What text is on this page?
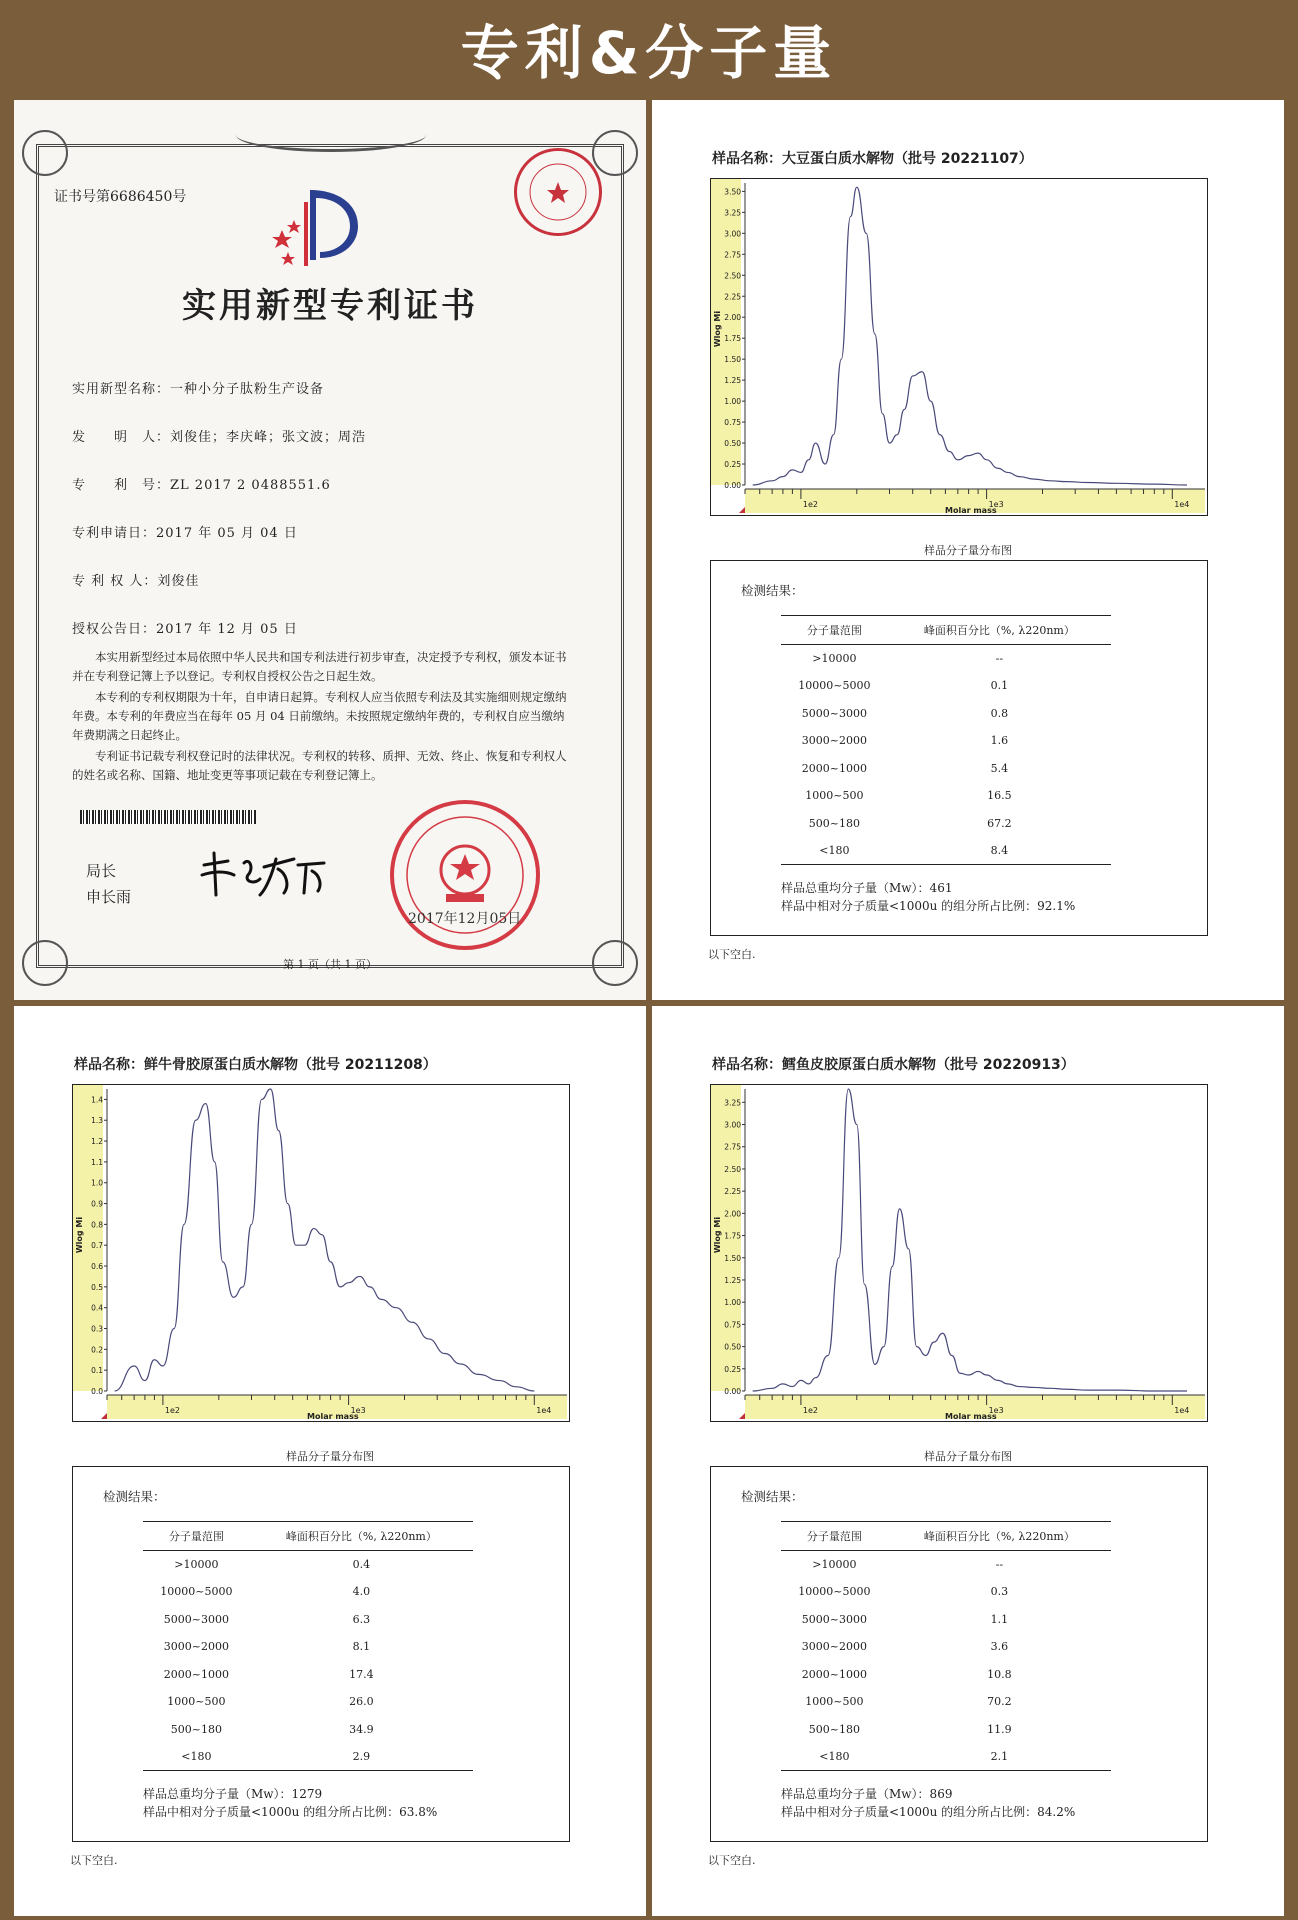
专利&分子量
证书号第6686450号
实用新型专利证书
实用新型名称：一种小分子肽粉生产设备
发　　明　人：刘俊佳；李庆峰；张文波；周浩
专　　利　号：ZL 2017 2 0488551.6
专利申请日：2017 年 05 月 04 日
专 利 权 人：刘俊佳
授权公告日：2017 年 12 月 05 日

本实用新型经过本局依照中华人民共和国专利法进行初步审查，决定授予专利权，颁发本证书并在专利登记簿上予以登记。专利权自授权公告之日起生效。

本专利的专利权期限为十年，自申请日起算。专利权人应当依照专利法及其实施细则规定缴纳年费。本专利的年费应当在每年 05 月 04 日前缴纳。未按照规定缴纳年费的，专利权自应当缴纳年费期满之日起终止。

专利证书记载专利权登记时的法律状况。专利权的转移、质押、无效、终止、恢复和专利权人的姓名或名称、国籍、地址变更等事项记载在专利登记簿上。

局长
申长雨
2017年12月05日
第 1 页（共 1 页）
样品名称：大豆蛋白质水解物（批号 20221107）
3.50
3.25
3.00
2.75
2.50
2.25
2.00
1.75
1.50
1.25
1.00
0.75
0.50
0.25
0.00
Wlog Mi
1e2	1e3	1e4
Molar mass
样品分子量分布图
检测结果：
分子量范围	峰面积百分比（%, λ220nm）
>10000	--
10000~5000	0.1
5000~3000	0.8
3000~2000	1.6
2000~1000	5.4
1000~500	16.5
500~180	67.2
<180	8.4
样品总重均分子量（Mw）：461
样品中相对分子质量<1000u 的组分所占比例：92.1%
以下空白.
样品名称：鲜牛骨胶原蛋白质水解物（批号 20211208）
1.4
1.3
1.2
1.1
1.0
0.9
0.8
0.7
0.6
0.5
0.4
0.3
0.2
0.1
0.0
Wlog Mi
1e2	1e3	1e4
Molar mass
样品分子量分布图
检测结果：
分子量范围	峰面积百分比（%, λ220nm）
>10000	0.4
10000~5000	4.0
5000~3000	6.3
3000~2000	8.1
2000~1000	17.4
1000~500	26.0
500~180	34.9
<180	2.9
样品总重均分子量（Mw）：1279
样品中相对分子质量<1000u 的组分所占比例：63.8%
以下空白.
样品名称：鳕鱼皮胶原蛋白质水解物（批号 20220913）
3.25
3.00
2.75
2.50
2.25
2.00
1.75
1.50
1.25
1.00
0.75
0.50
0.25
0.00
Wlog Mi
1e2	1e3	1e4
Molar mass
样品分子量分布图
检测结果：
分子量范围	峰面积百分比（%, λ220nm）
>10000	--
10000~5000	0.3
5000~3000	1.1
3000~2000	3.6
2000~1000	10.8
1000~500	70.2
500~180	11.9
<180	2.1
样品总重均分子量（Mw）：869
样品中相对分子质量<1000u 的组分所占比例：84.2%
以下空白.
